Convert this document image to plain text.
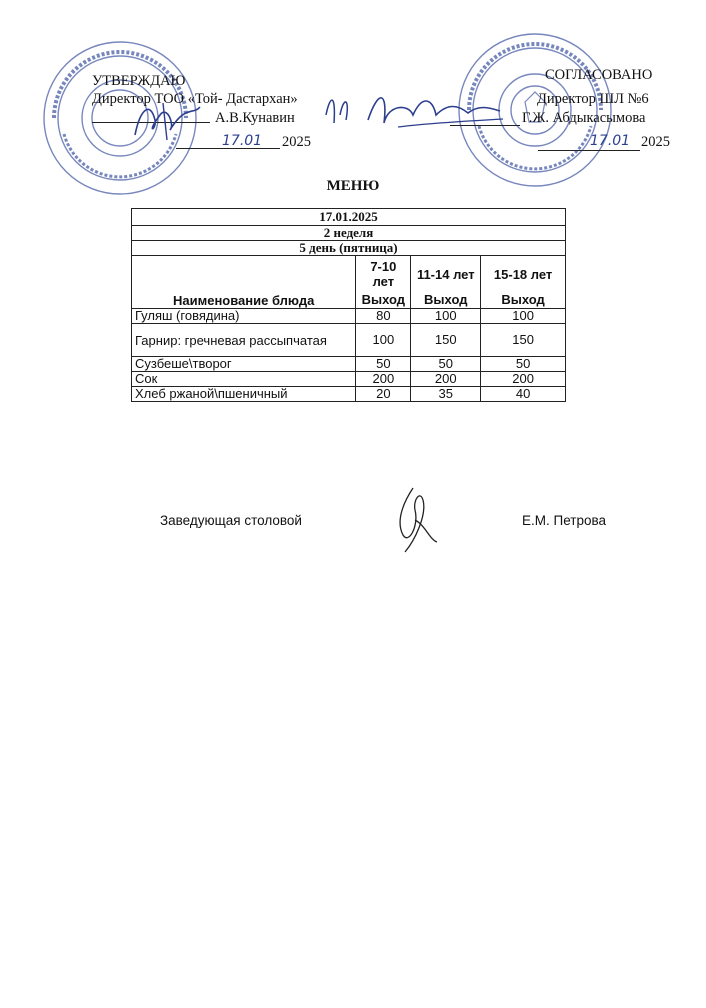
УТВЕРЖДАЮ
Директор ТОО «Той- Дастархан»
А.В.Кунавин
17.01 2025
СОГЛАСОВАНО
Директор ШЛ №6
Г.Ж. Абдыкасымова
17.01 2025
МЕНЮ
17.01.2025			
2 неделя			
5 день (пятница)			
Наименование блюда	7-10 лет	11-14 лет	15-18 лет
	Выход	Выход	Выход
Гуляш (говядина)	80	100	100
Гарнир: гречневая рассыпчатая	100	150	150
Сузбеше\творог	50	50	50
Сок	200	200	200
Хлеб ржаной\пшеничный	20	35	40
Заведующая столовой	Е.М. Петрова
